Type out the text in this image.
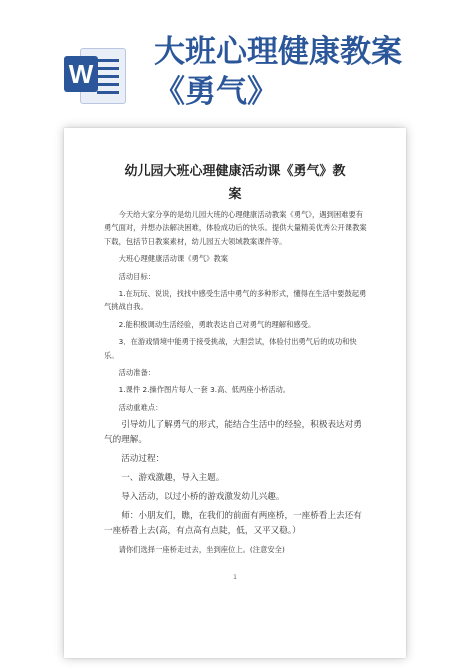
W
大班心理健康教案
《勇气》
幼儿园大班心理健康活动课《勇气》教
案

今天给大家分享的是幼儿园大班的心理健康活动教案《勇气》，遇到困难要有勇气面对，并想办法解决困难，体验成功后的快乐。提供大量精美优秀公开课教案下载，包括节日教案素材，幼儿园五大领域教案课件等。

大班心理健康活动课《勇气》教案

活动目标：

1.在玩玩、说说，找找中感受生活中勇气的多种形式，懂得在生活中要鼓起勇气挑战自我。

2.能积极调动生活经验，勇敢表达自己对勇气的理解和感受。

3．在游戏情境中能勇于接受挑战，大胆尝试，体验付出勇气后的成功和快乐。

活动准备：

1.课件 2.操作图片每人一套 3.高、低两座小桥活动。

活动重难点：

引导幼儿了解勇气的形式，能结合生活中的经验，积极表达对勇气的理解。

活动过程：

一、游戏激趣，导入主题。

导入活动，以过小桥的游戏激发幼儿兴趣。

师：小朋友们，瞧，在我们的前面有两座桥，一座桥看上去还有一座桥看上去(高，有点高有点陡，低，又平又稳。）

请你们选择一座桥走过去，坐到座位上。(注意安全)

1
